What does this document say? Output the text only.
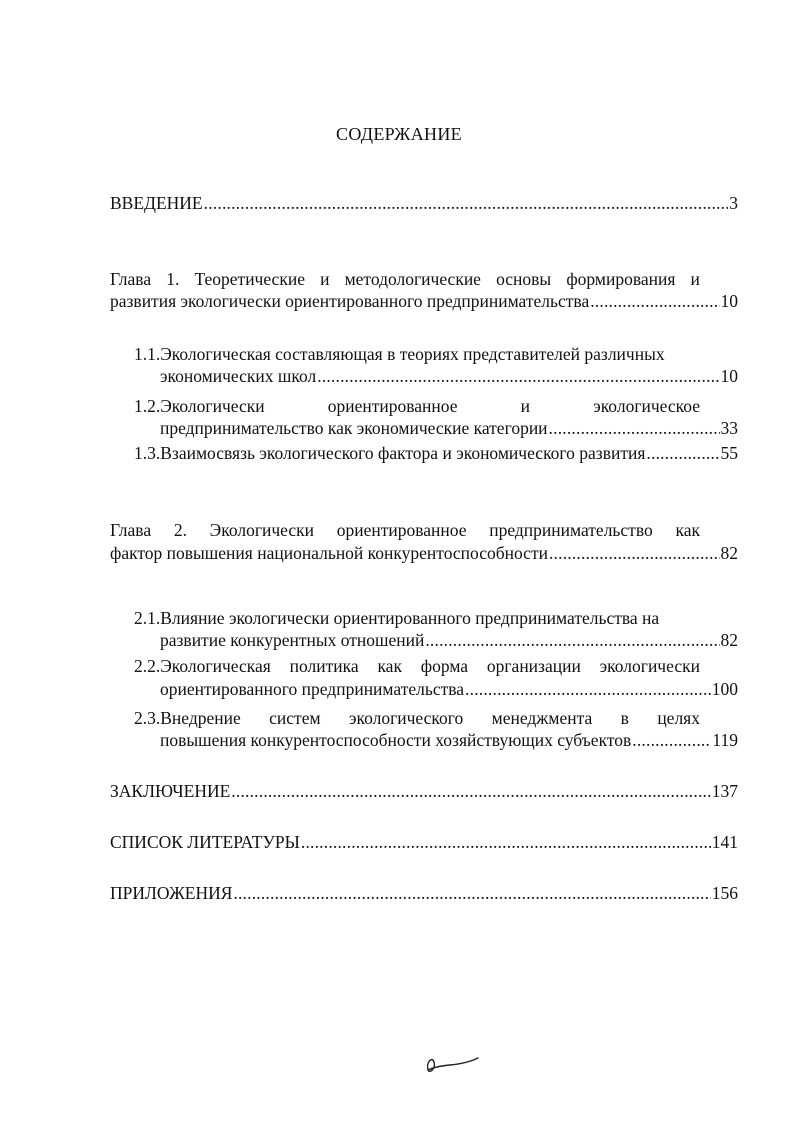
СОДЕРЖАНИЕ
ВВЕДЕНИЕ .....	3
Глава 1. Теоретические и методологические основы формирования и
развития экологически ориентированного предпринимательства .....	10
1.1.Экологическая составляющая в теориях представителей различных
экономических школ .....	10
1.2.Экологически	ориентированное	и	экологическое
предпринимательство как экономические категории .....	33
1.3.Взаимосвязь экологического фактора и экономического развития .....	55
Глава 2. Экологически ориентированное предпринимательство как
фактор повышения национальной конкурентоспособности .....	82
2.1.Влияние экологически ориентированного предпринимательства на
развитие конкурентных отношений .....	82
2.2.Экологическая политика как форма организации экологически
ориентированного предпринимательства .....	100
2.3.Внедрение систем экологического менеджмента в целях
повышения конкурентоспособности хозяйствующих субъектов .....	119
ЗАКЛЮЧЕНИЕ .....	137
СПИСОК ЛИТЕРАТУРЫ .....	141
ПРИЛОЖЕНИЯ .....	156
